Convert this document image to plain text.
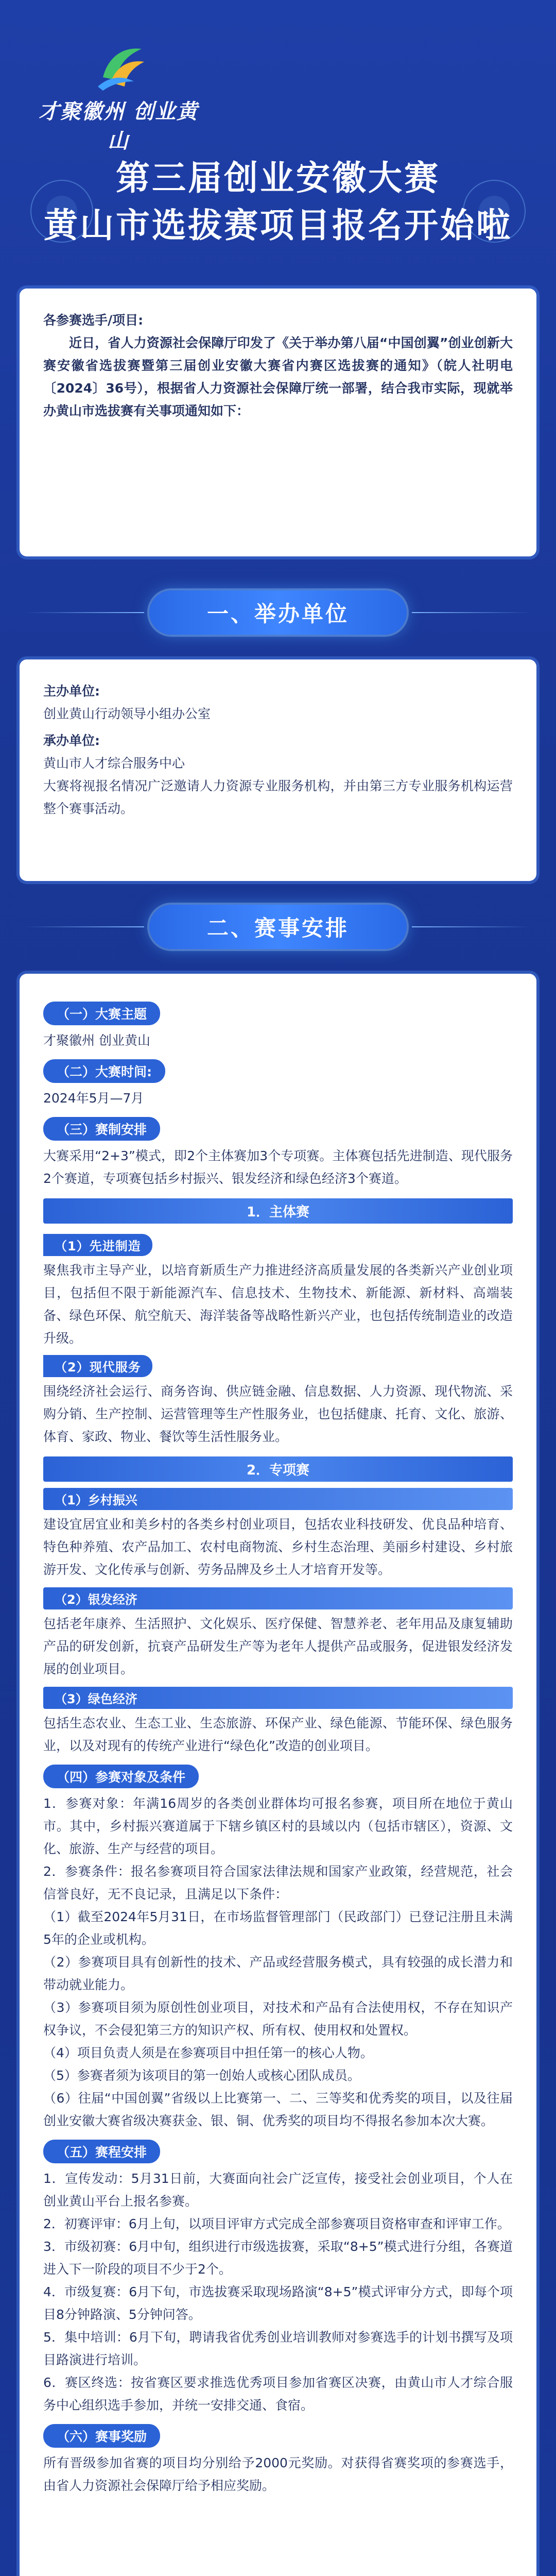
才聚徽州 创业黄山
第三届创业安徽大赛
黄山市选拔赛项目报名开始啦

各参赛选手/项目:

近日，省人力资源社会保障厅印发了《关于举办第八届“中国创翼”创业创新大赛安徽省选拔赛暨第三届创业安徽大赛省内赛区选拔赛的通知》（皖人社明电〔2024〕36号），根据省人力资源社会保障厅统一部署，结合我市实际，现就举办黄山市选拔赛有关事项通知如下：

一、举办单位

主办单位:

创业黄山行动领导小组办公室

承办单位:

黄山市人才综合服务中心

大赛将视报名情况广泛邀请人力资源专业服务机构，并由第三方专业服务机构运营整个赛事活动。

二、赛事安排
（一）大赛主题

才聚徽州 创业黄山

（二）大赛时间:

2024年5月—7月

（三）赛制安排

大赛采用“2+3”模式，即2个主体赛加3个专项赛。主体赛包括先进制造、现代服务2个赛道，专项赛包括乡村振兴、银发经济和绿色经济3个赛道。

1．主体赛
（1）先进制造

聚焦我市主导产业，以培育新质生产力推进经济高质量发展的各类新兴产业创业项目，包括但不限于新能源汽车、信息技术、生物技术、新能源、新材料、高端装备、绿色环保、航空航天、海洋装备等战略性新兴产业，也包括传统制造业的改造升级。

（2）现代服务

围绕经济社会运行、商务咨询、供应链金融、信息数据、人力资源、现代物流、采购分销、生产控制、运营管理等生产性服务业，也包括健康、托育、文化、旅游、体育、家政、物业、餐饮等生活性服务业。

2．专项赛
（1）乡村振兴

建设宜居宜业和美乡村的各类乡村创业项目，包括农业科技研发、优良品种培育、特色种养殖、农产品加工、农村电商物流、乡村生态治理、美丽乡村建设、乡村旅游开发、文化传承与创新、劳务品牌及乡土人才培育开发等。

（2）银发经济

包括老年康养、生活照护、文化娱乐、医疗保健、智慧养老、老年用品及康复辅助产品的研发创新，抗衰产品研发生产等为老年人提供产品或服务，促进银发经济发展的创业项目。

（3）绿色经济

包括生态农业、生态工业、生态旅游、环保产业、绿色能源、节能环保、绿色服务业，以及对现有的传统产业进行“绿色化”改造的创业项目。

（四）参赛对象及条件

1．参赛对象：年满16周岁的各类创业群体均可报名参赛，项目所在地位于黄山市。其中，乡村振兴赛道属于下辖乡镇区村的县域以内（包括市辖区），资源、文化、旅游、生产与经营的项目。

2．参赛条件：报名参赛项目符合国家法律法规和国家产业政策，经营规范，社会信誉良好，无不良记录，且满足以下条件：

（1）截至2024年5月31日，在市场监督管理部门（民政部门）已登记注册且未满5年的企业或机构。

（2）参赛项目具有创新性的技术、产品或经营服务模式，具有较强的成长潜力和带动就业能力。

（3）参赛项目须为原创性创业项目，对技术和产品有合法使用权，不存在知识产权争议，不会侵犯第三方的知识产权、所有权、使用权和处置权。

（4）项目负责人须是在参赛项目中担任第一的核心人物。

（5）参赛者须为该项目的第一创始人或核心团队成员。

（6）往届“中国创翼”省级以上比赛第一、二、三等奖和优秀奖的项目，以及往届创业安徽大赛省级决赛获金、银、铜、优秀奖的项目均不得报名参加本次大赛。

（五）赛程安排

1．宣传发动：5月31日前，大赛面向社会广泛宣传，接受社会创业项目，个人在创业黄山平台上报名参赛。

2．初赛评审：6月上旬，以项目评审方式完成全部参赛项目资格审查和评审工作。

3．市级初赛：6月中旬，组织进行市级选拔赛，采取“8+5”模式进行分组，各赛道进入下一阶段的项目不少于2个。

4．市级复赛：6月下旬，市选拔赛采取现场路演“8+5”模式评审分方式，即每个项目8分钟路演、5分钟问答。

5．集中培训：6月下旬，聘请我省优秀创业培训教师对参赛选手的计划书撰写及项目路演进行培训。

6．赛区终选：按省赛区要求推选优秀项目参加省赛区决赛，由黄山市人才综合服务中心组织选手参加，并统一安排交通、食宿。

（六）赛事奖励

所有晋级参加省赛的项目均分别给予2000元奖励。对获得省赛奖项的参赛选手，由省人力资源社会保障厅给予相应奖励。
